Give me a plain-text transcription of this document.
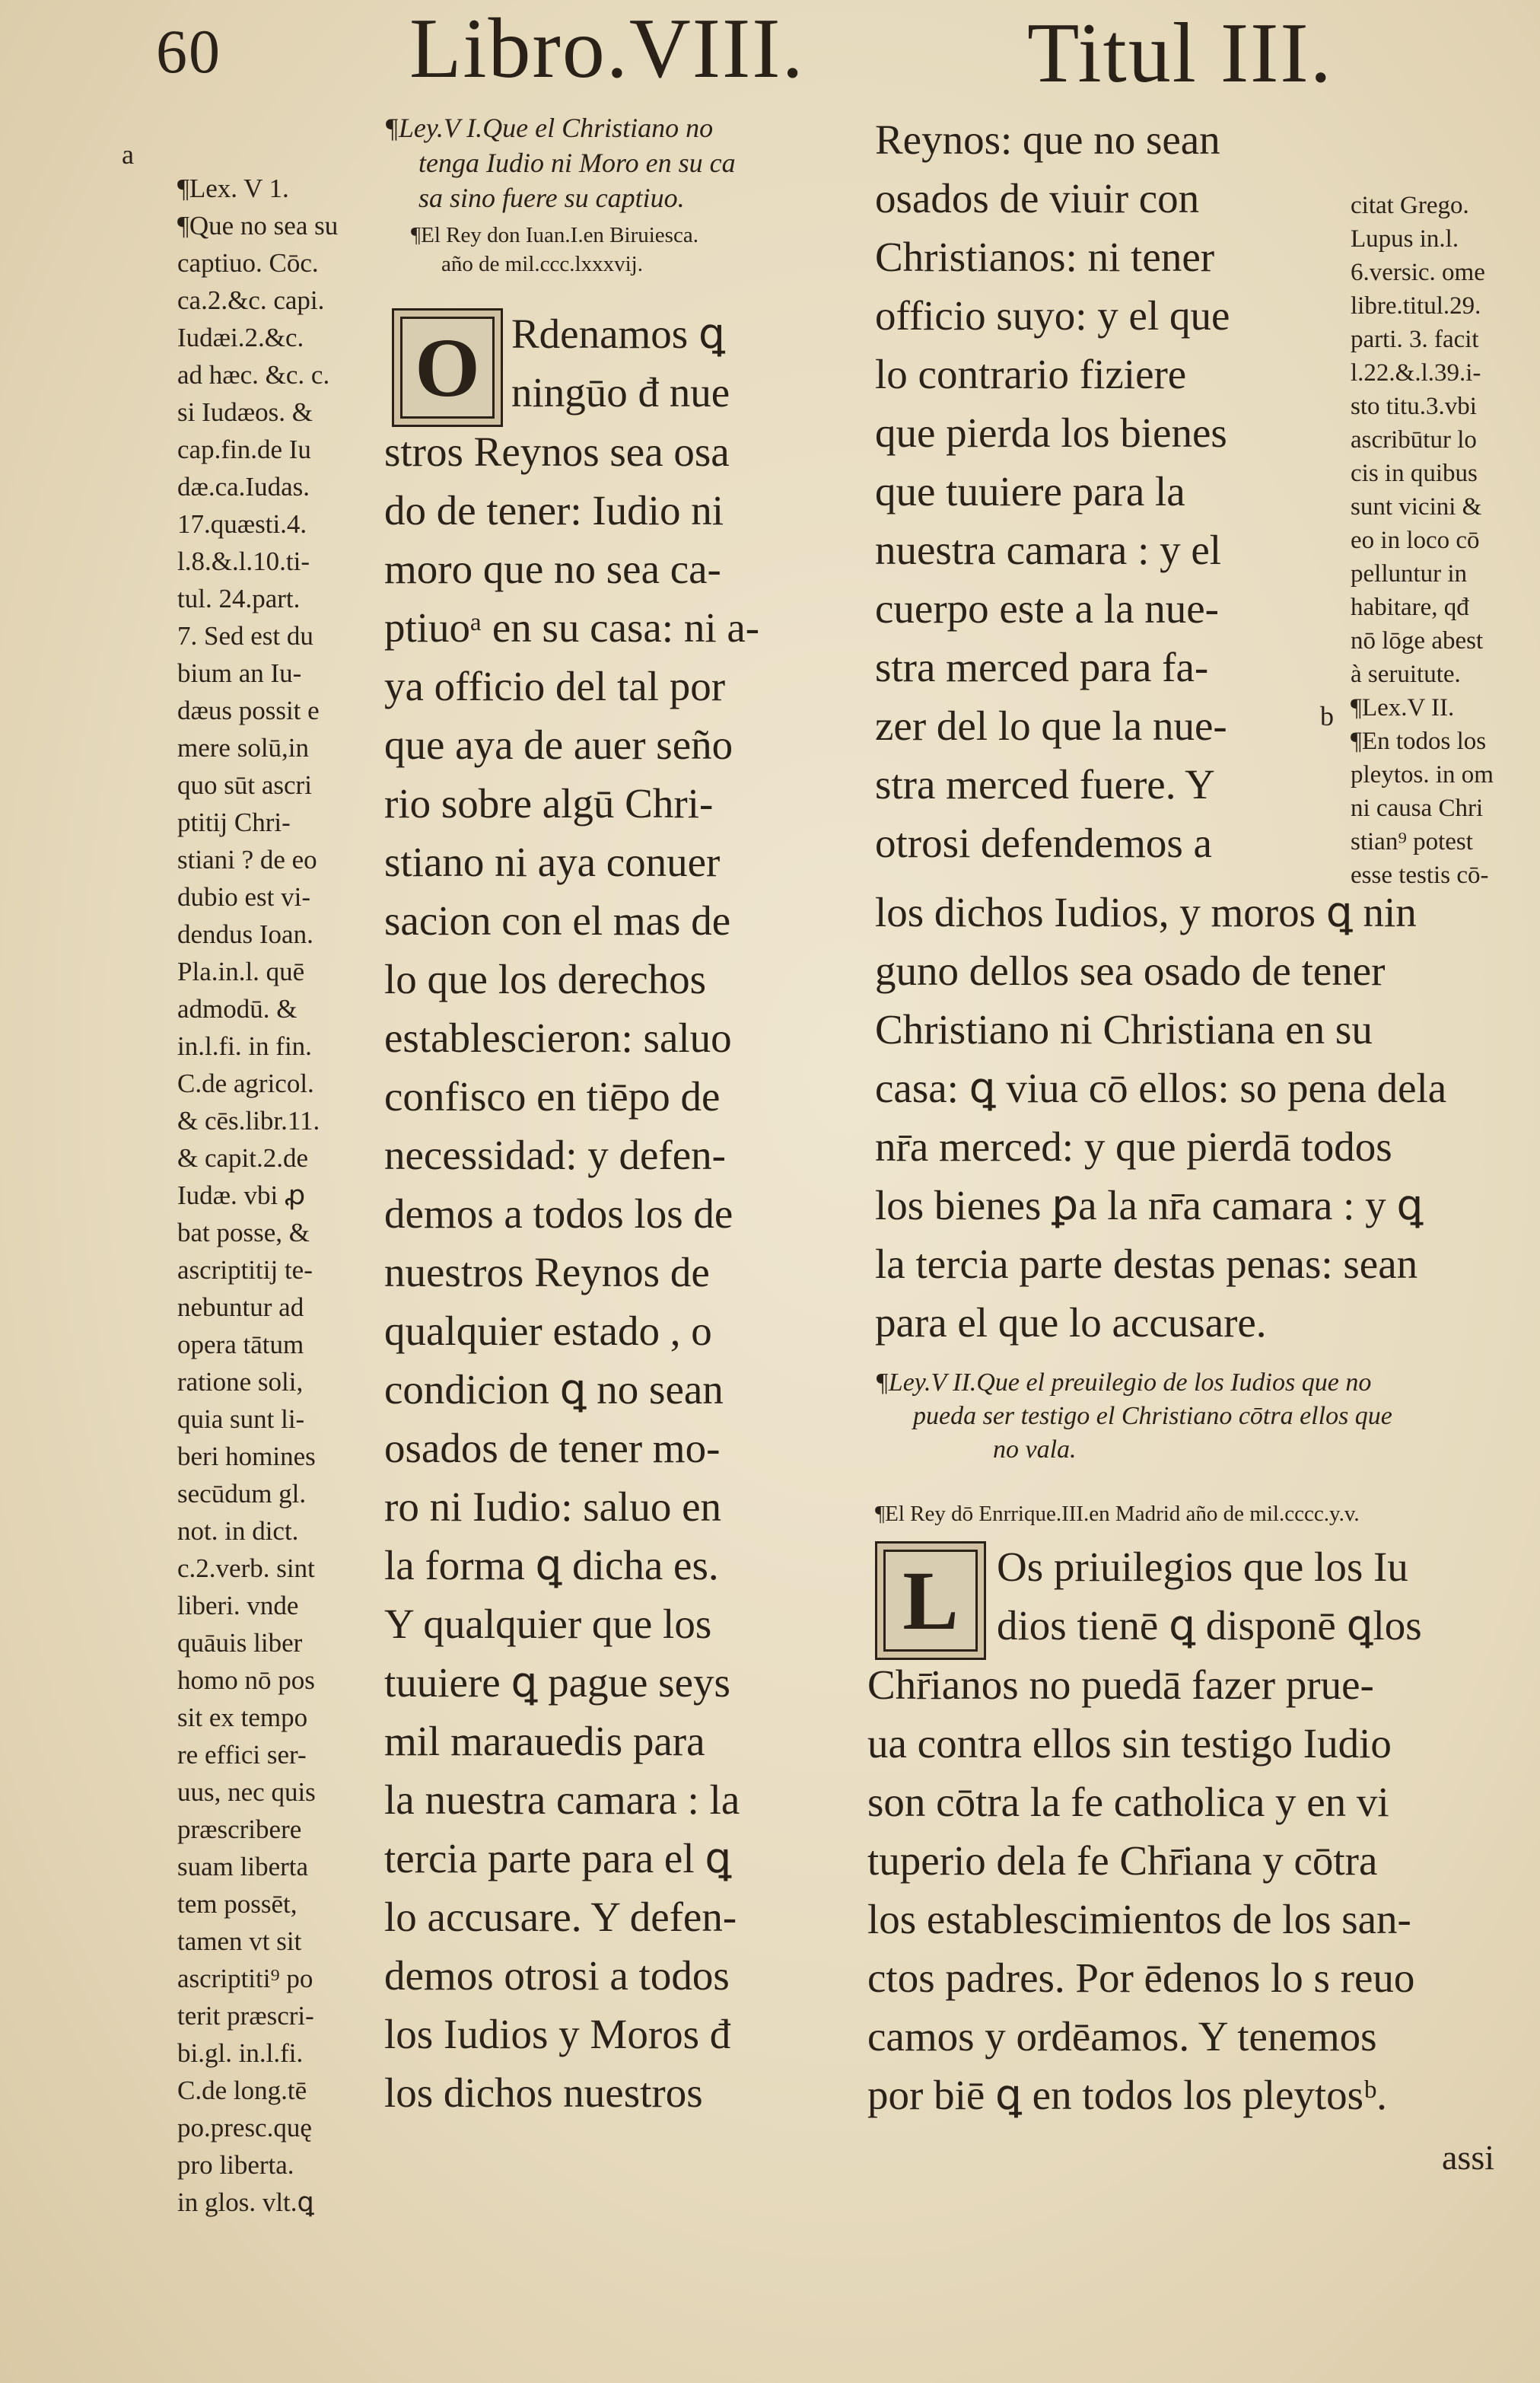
60 Libro.VIII.	Titul III.

¶Lex. V 1.
¶Que no sea su
captiuo. Cōc.
ca.2.&c. capi.
Iudæi.2.&c.
ad hæc. &c. c.
si Iudæos. &
cap.fin.de Iu
dæ.ca.Iudas.
17.quæsti.4.
l.8.&.l.10.ti-
tul. 24.part.
7. Sed est du
bium an Iu-
dæus possit e
mere solū,in
quo sūt ascri
ptitij Chri-
stiani ? de eo
dubio est vi-
dendus Ioan.
Pla.in.l. quē
admodū. &
in.l.fi. in fin.
C.de agricol.
& cēs.libr.11.
& capit.2.de
Iudæ. vbi ꝓ
bat posse, &
ascriptitij te-
nebuntur ad
opera tātum
ratione soli,
quia sunt li-
beri homines
secūdum gl.
not. in dict.
c.2.verb. sint
liberi. vnde
quāuis liber
homo nō pos
sit ex tempo
re effici ser-
uus, nec quis
præscribere
suam liberta
tem possēt,
tamen vt sit
ascriptiti⁹ po
terit præscri-
bi.gl. in.l.fi.
C.de long.tē
po.presc.quę
pro liberta.
in glos. vlt.ꝗ

a
¶Ley.V I.Que el Christiano no
tenga Iudio ni Moro en su ca
sa sino fuere su captiuo.
¶El Rey don Iuan.I.en Biruiesca.
año de mil.ccc.lxxxvij.
O Rdenamos ꝗ
ningūo đ nue
stros Reynos sea osa
do de tener: Iudio ni
moro que no sea ca-
ptiuoᵃ en su casa: ni a-
ya officio del tal por
que aya de auer seño
rio sobre algū Chri-
stiano ni aya conuer
sacion con el mas de
lo que los derechos
establescieron: saluo
confisco en tiēpo de
necessidad: y defen-
demos a todos los de
nuestros Reynos de
qualquier estado , o
condicion ꝗ no sean
osados de tener mo-
ro ni Iudio: saluo en
la forma ꝗ dicha es.
Y qualquier que los
tuuiere ꝗ pague seys
mil marauedis para
la nuestra camara : la
tercia parte para el ꝗ
lo accusare. Y defen-
demos otrosi a todos
los Iudios y Moros đ
los dichos nuestros
Reynos: que no sean
osados de viuir con
Christianos: ni tener
officio suyo: y el que
lo contrario fiziere
que pierda los bienes
que tuuiere para la
nuestra camara : y el
cuerpo este a la nue-
stra merced para fa-
zer del lo que la nue-
stra merced fuere. Y
otrosi defendemos a
b

citat Grego.
Lupus in.l.
6.versic. ome
libre.titul.29.
parti. 3. facit
l.22.&.l.39.i-
sto titu.3.vbi
ascribūtur lo
cis in quibus
sunt vicini &
eo in loco cō
pelluntur in
habitare, qđ
nō lōge abest
à seruitute.
¶Lex.V II.
¶En todos los
pleytos. in om
ni causa Chri
stian⁹ potest
esse testis cō-

los dichos Iudios, y moros ꝗ nin
guno dellos sea osado de tener
Christiano ni Christiana en su
casa: ꝗ viua cō ellos: so pena dela
nr̄a merced: y que pierdā todos
los bienes ꝑa la nr̄a camara : y ꝗ
la tercia parte destas penas: sean
para el que lo accusare.
¶Ley.V II.Que el preuilegio de los Iudios que no
pueda ser testigo el Christiano cōtra ellos que
no vala.
¶El Rey dō Enrrique.III.en Madrid año de mil.cccc.y.v.
L Os priuilegios que los Iu
dios tienē ꝗ disponē ꝗlos
Chr̄ianos no puedā fazer prue-
ua contra ellos sin testigo Iudio
son cōtra la fe catholica y en vi
tuperio dela fe Chr̄iana y cōtra
los establescimientos de los san-
ctos padres. Por ēdenos lo s reuo
camos y ordēamos. Y tenemos
por biē ꝗ en todos los pleytosᵇ.
assi
